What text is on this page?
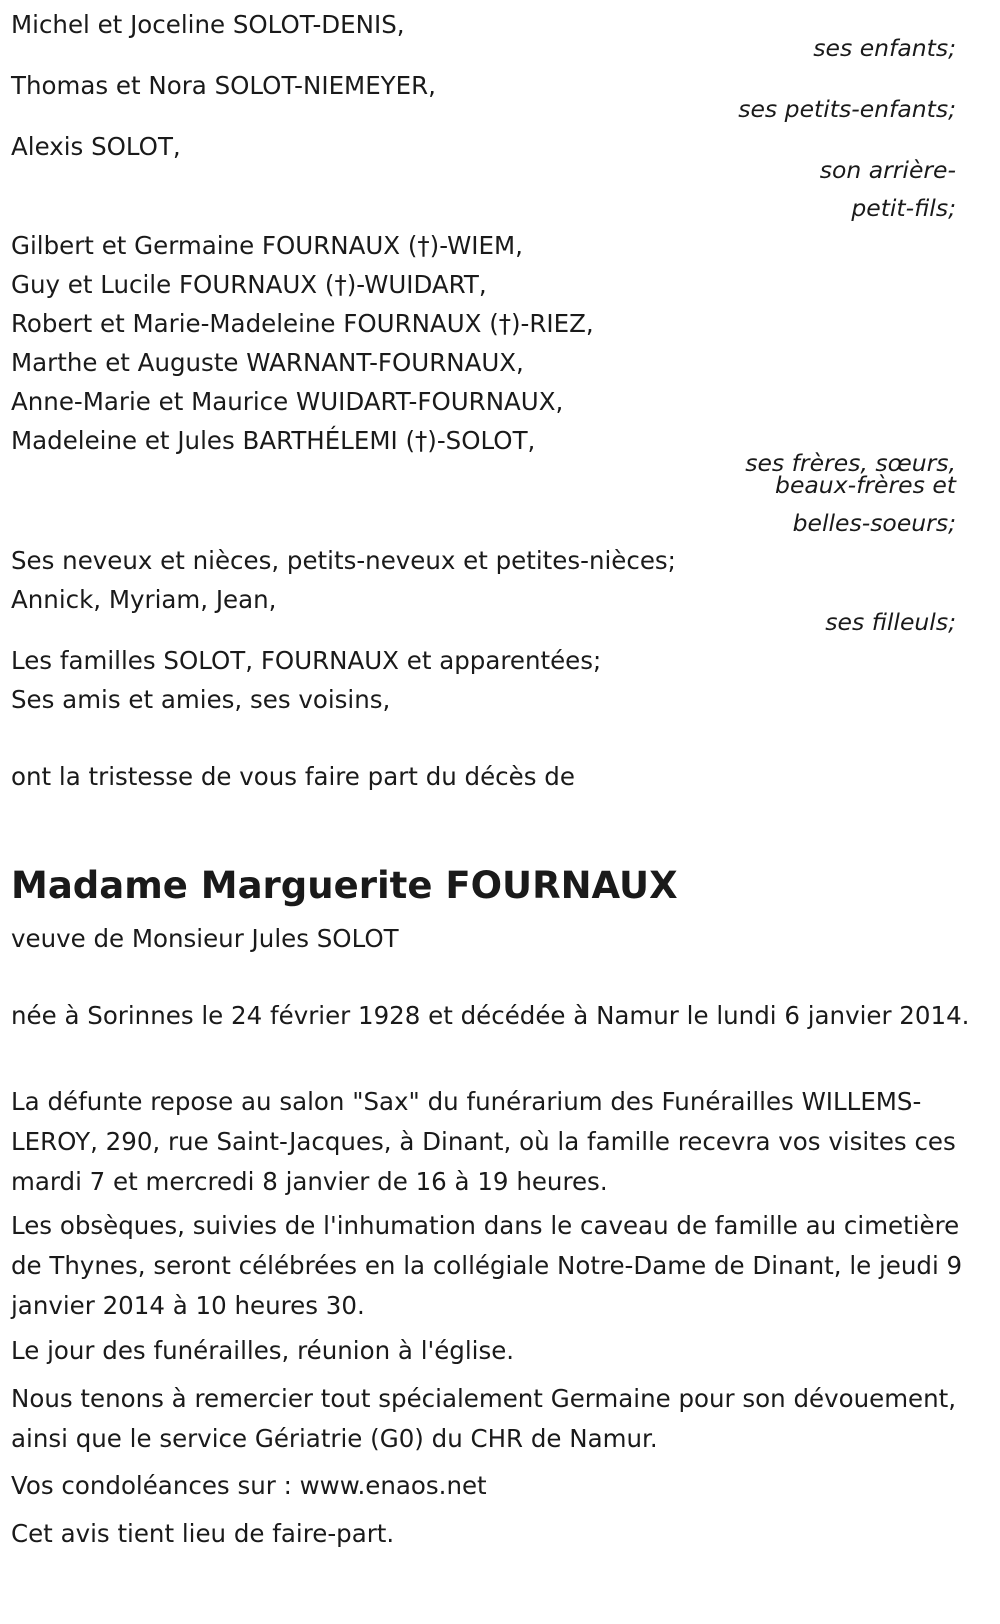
Michel et Joceline SOLOT-DENIS,

ses enfants;

Thomas et Nora SOLOT-NIEMEYER,

ses petits-enfants;

Alexis SOLOT,

son arrière-

petit-fils;

Gilbert et Germaine FOURNAUX (†)-WIEM,

Guy et Lucile FOURNAUX (†)-WUIDART,

Robert et Marie-Madeleine FOURNAUX (†)-RIEZ,

Marthe et Auguste WARNANT-FOURNAUX,

Anne-Marie et Maurice WUIDART-FOURNAUX,

Madeleine et Jules BARTHÉLEMI (†)-SOLOT,

ses frères, sœurs,

beaux-frères et

belles-soeurs;

Ses neveux et nièces, petits-neveux et petites-nièces;

Annick, Myriam, Jean,

ses filleuls;

Les familles SOLOT, FOURNAUX et apparentées;

Ses amis et amies, ses voisins,

ont la tristesse de vous faire part du décès de

Madame Marguerite FOURNAUX

veuve de Monsieur Jules SOLOT

née à Sorinnes le 24 février 1928 et décédée à Namur le lundi 6 janvier 2014.

La défunte repose au salon "Sax" du funérarium des Funérailles WILLEMS-LEROY, 290, rue Saint-Jacques, à Dinant, où la famille recevra vos visites ces mardi 7 et mercredi 8 janvier de 16 à 19 heures.

Les obsèques, suivies de l'inhumation dans le caveau de famille au cimetière de Thynes, seront célébrées en la collégiale Notre-Dame de Dinant, le jeudi 9 janvier 2014 à 10 heures 30.

Le jour des funérailles, réunion à l'église.

Nous tenons à remercier tout spécialement Germaine pour son dévouement, ainsi que le service Gériatrie (G0) du CHR de Namur.

Vos condoléances sur : www.enaos.net

Cet avis tient lieu de faire-part.
